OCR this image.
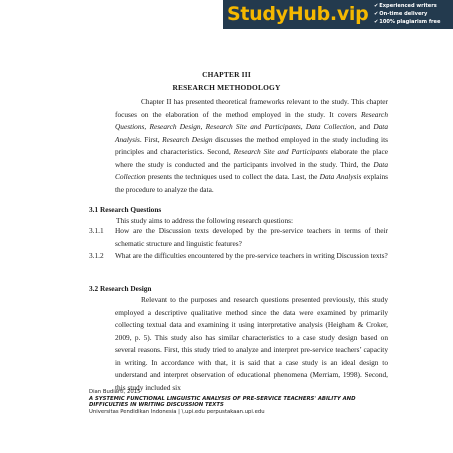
StudyHub.vip ✔Experienced writers
✔On-time delivery
✔100% plagiarism free
CHAPTER III
RESEARCH METHODOLOGY

Chapter II has presented theoretical frameworks relevant to the study. This chapter focuses on the elaboration of the method employed in the study. It covers Research Questions, Research Design, Research Site and Participants, Data Collection, and Data Analysis. First, Research Design discusses the method employed in the study including its principles and characteristics. Second, Research Site and Participants elaborate the place where the study is conducted and the participants involved in the study. Third, the Data Collection presents the techniques used to collect the data. Last, the Data Analysis explains the procedure to analyze the data.

3.1 Research Questions
This study aims to address the following research questions:
3.1.1 How are the Discussion texts developed by the pre-service teachers in terms of their schematic structure and linguistic features?
3.1.2 What are the difficulties encountered by the pre-service teachers in writing Discussion texts?
3.2 Research Design

Relevant to the purposes and research questions presented previously, this study employed a descriptive qualitative method since the data were examined by primarily collecting textual data and examining it using interpretative analysis (Heigham & Croker, 2009, p. 5). This study also has similar characteristics to a case study design based on several reasons. First, this study tried to analyze and interpret pre-service teachers’ capacity in writing. In accordance with that, it is said that a case study is an ideal design to understand and interpret observation of educational phenomena (Merriam, 1998). Second, this study included six

Dian Budiarti, 2015
A SYSTEMIC FUNCTIONAL LINGUISTIC ANALYSIS OF PRE-SERVICE TEACHERS' ABILITY AND DIFFICULTIES IN WRITING DISCUSSION TEXTS
Universitas Pendidikan Indonesia | \.upi.edu perpustakaan.upi.edu
